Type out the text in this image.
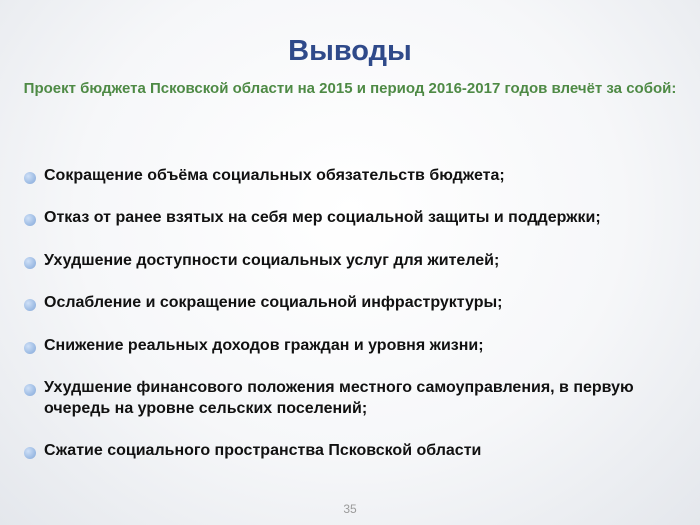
Выводы
Проект бюджета Псковской области на 2015 и период 2016-2017 годов влечёт за собой:
Сокращение объёма социальных обязательств бюджета;
Отказ от ранее взятых на себя мер социальной защиты и поддержки;
Ухудшение доступности социальных услуг для жителей;
Ослабление и сокращение социальной инфраструктуры;
Снижение реальных доходов граждан и уровня жизни;
Ухудшение финансового положения местного самоуправления, в первую очередь на уровне сельских поселений;
Сжатие социального пространства Псковской области
35
